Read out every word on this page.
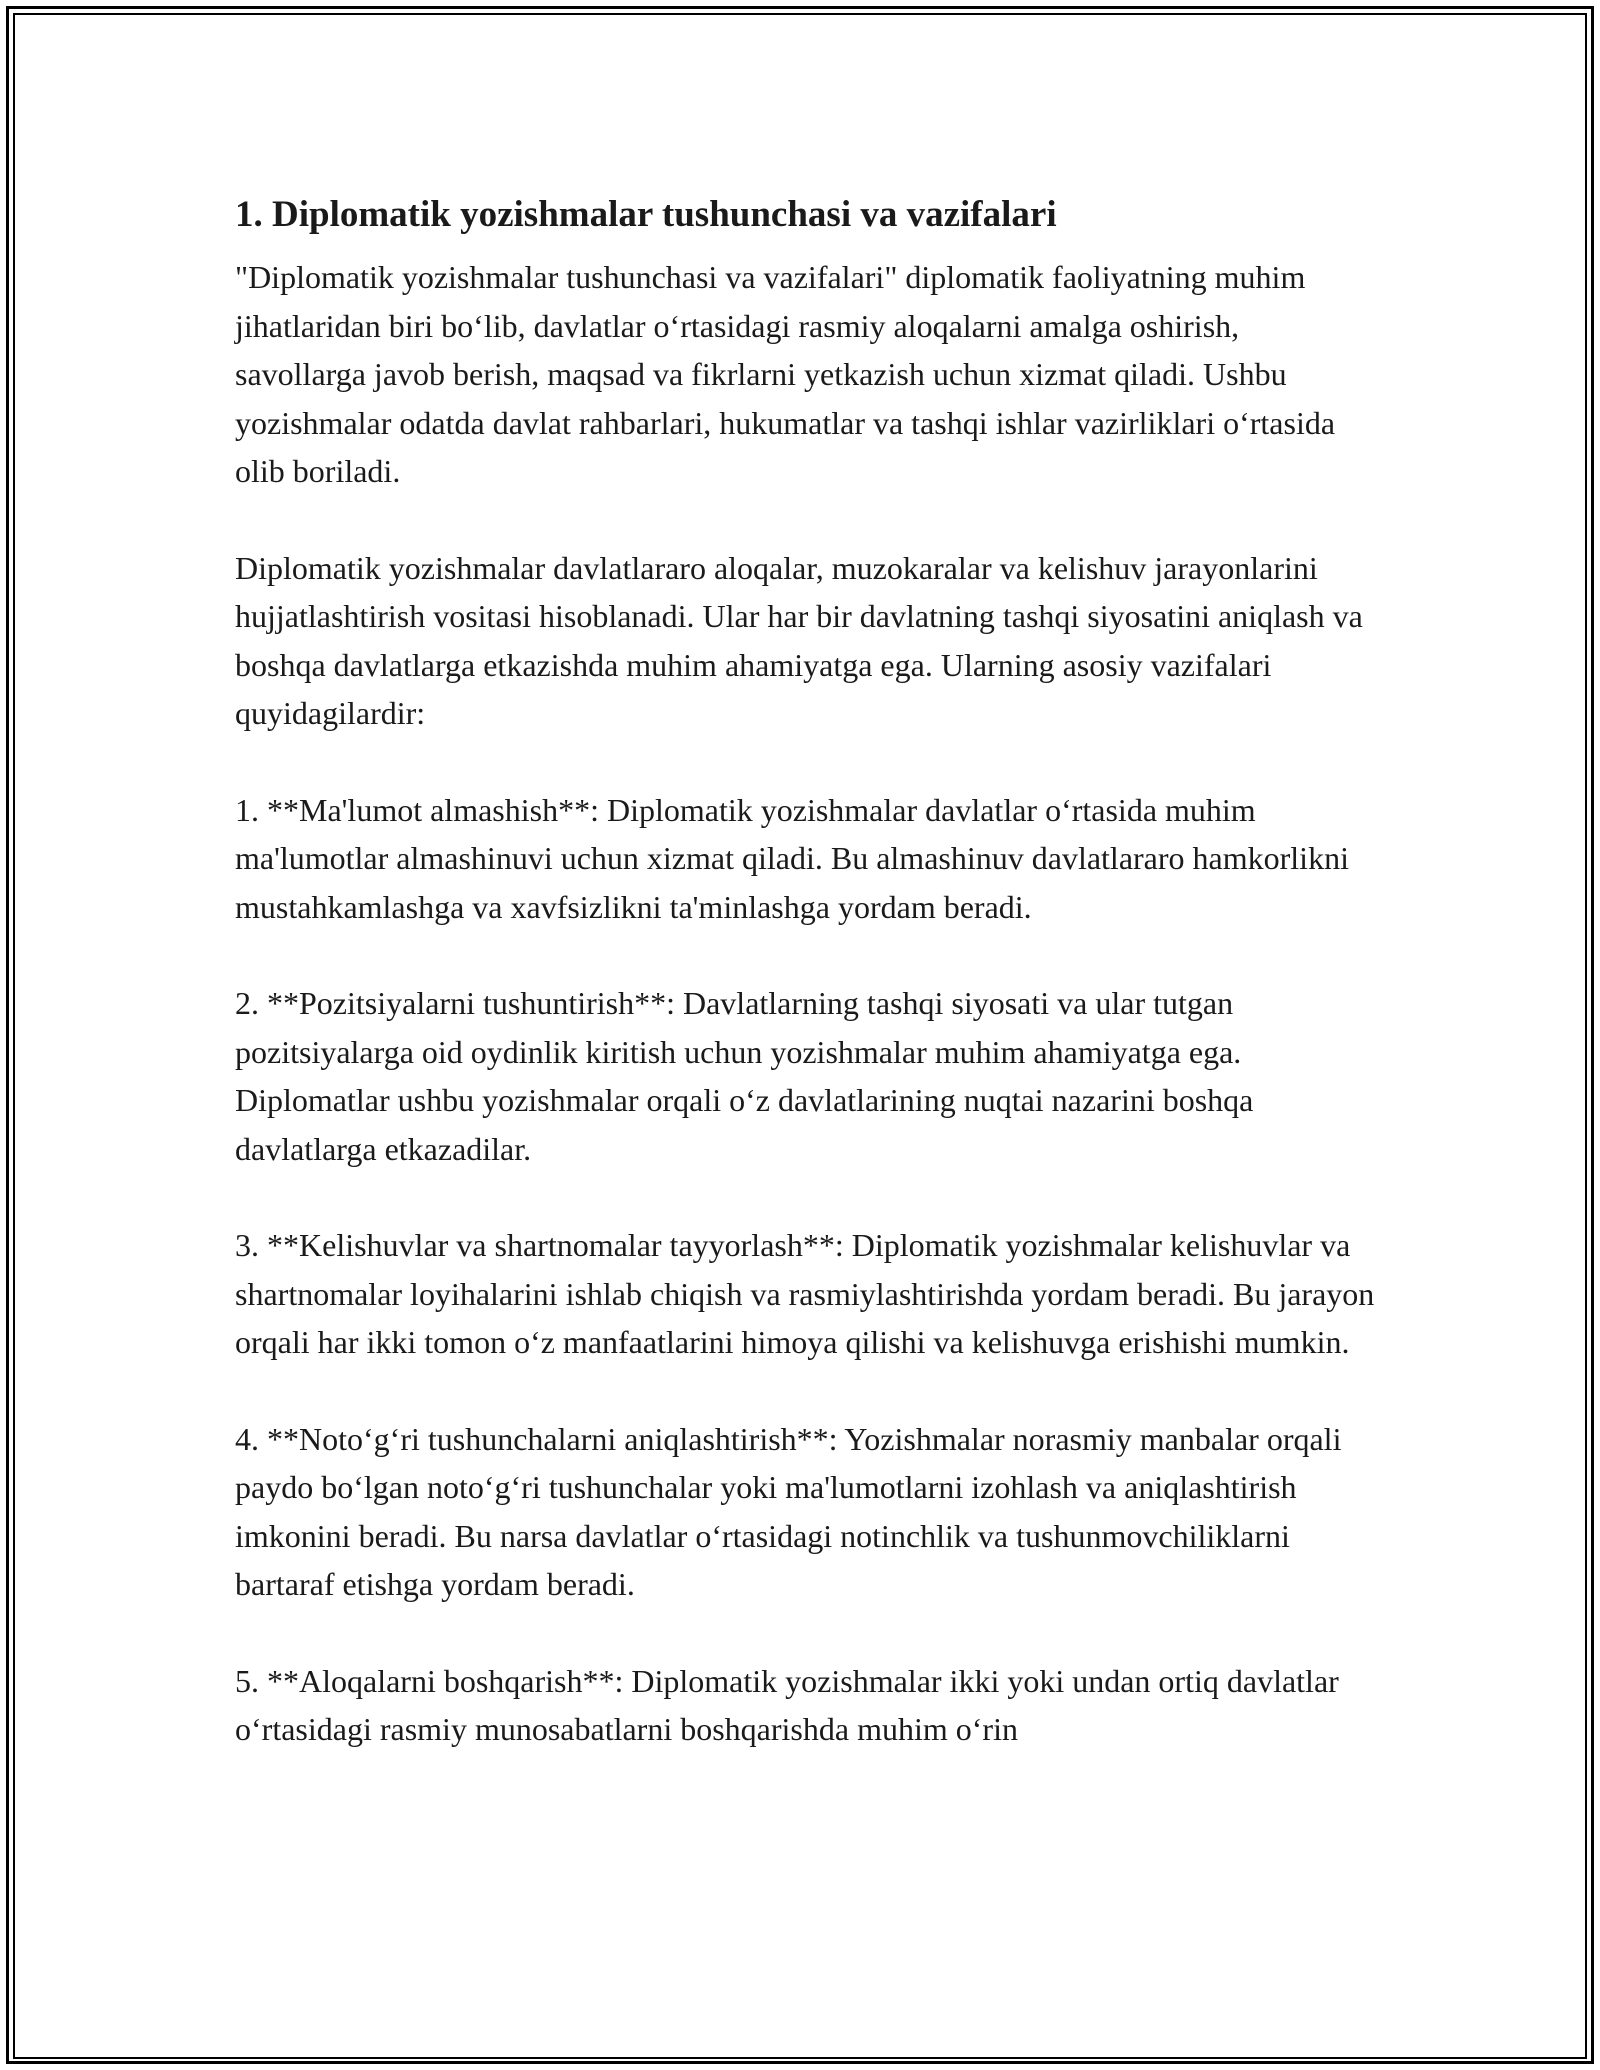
1. Diplomatik yozishmalar tushunchasi va vazifalari

"Diplomatik yozishmalar tushunchasi va vazifalari" diplomatik faoliyatning muhim jihatlaridan biri bo‘lib, davlatlar o‘rtasidagi rasmiy aloqalarni amalga oshirish, savollarga javob berish, maqsad va fikrlarni yetkazish uchun xizmat qiladi. Ushbu yozishmalar odatda davlat rahbarlari, hukumatlar va tashqi ishlar vazirliklari o‘rtasida olib boriladi.

Diplomatik yozishmalar davlatlararo aloqalar, muzokaralar va kelishuv jarayonlarini hujjatlashtirish vositasi hisoblanadi. Ular har bir davlatning tashqi siyosatini aniqlash va boshqa davlatlarga etkazishda muhim ahamiyatga ega. Ularning asosiy vazifalari quyidagilardir:

1. **Ma'lumot almashish**: Diplomatik yozishmalar davlatlar o‘rtasida muhim ma'lumotlar almashinuvi uchun xizmat qiladi. Bu almashinuv davlatlararo hamkorlikni mustahkamlashga va xavfsizlikni ta'minlashga yordam beradi.

2. **Pozitsiyalarni tushuntirish**: Davlatlarning tashqi siyosati va ular tutgan pozitsiyalarga oid oydinlik kiritish uchun yozishmalar muhim ahamiyatga ega. Diplomatlar ushbu yozishmalar orqali o‘z davlatlarining nuqtai nazarini boshqa davlatlarga etkazadilar.

3. **Kelishuvlar va shartnomalar tayyorlash**: Diplomatik yozishmalar kelishuvlar va shartnomalar loyihalarini ishlab chiqish va rasmiylashtirishda yordam beradi. Bu jarayon orqali har ikki tomon o‘z manfaatlarini himoya qilishi va kelishuvga erishishi mumkin.

4. **Noto‘g‘ri tushunchalarni aniqlashtirish**: Yozishmalar norasmiy manbalar orqali paydo bo‘lgan noto‘g‘ri tushunchalar yoki ma'lumotlarni izohlash va aniqlashtirish imkonini beradi. Bu narsa davlatlar o‘rtasidagi notinchlik va tushunmovchiliklarni bartaraf etishga yordam beradi.

5. **Aloqalarni boshqarish**: Diplomatik yozishmalar ikki yoki undan ortiq davlatlar o‘rtasidagi rasmiy munosabatlarni boshqarishda muhim o‘rin
